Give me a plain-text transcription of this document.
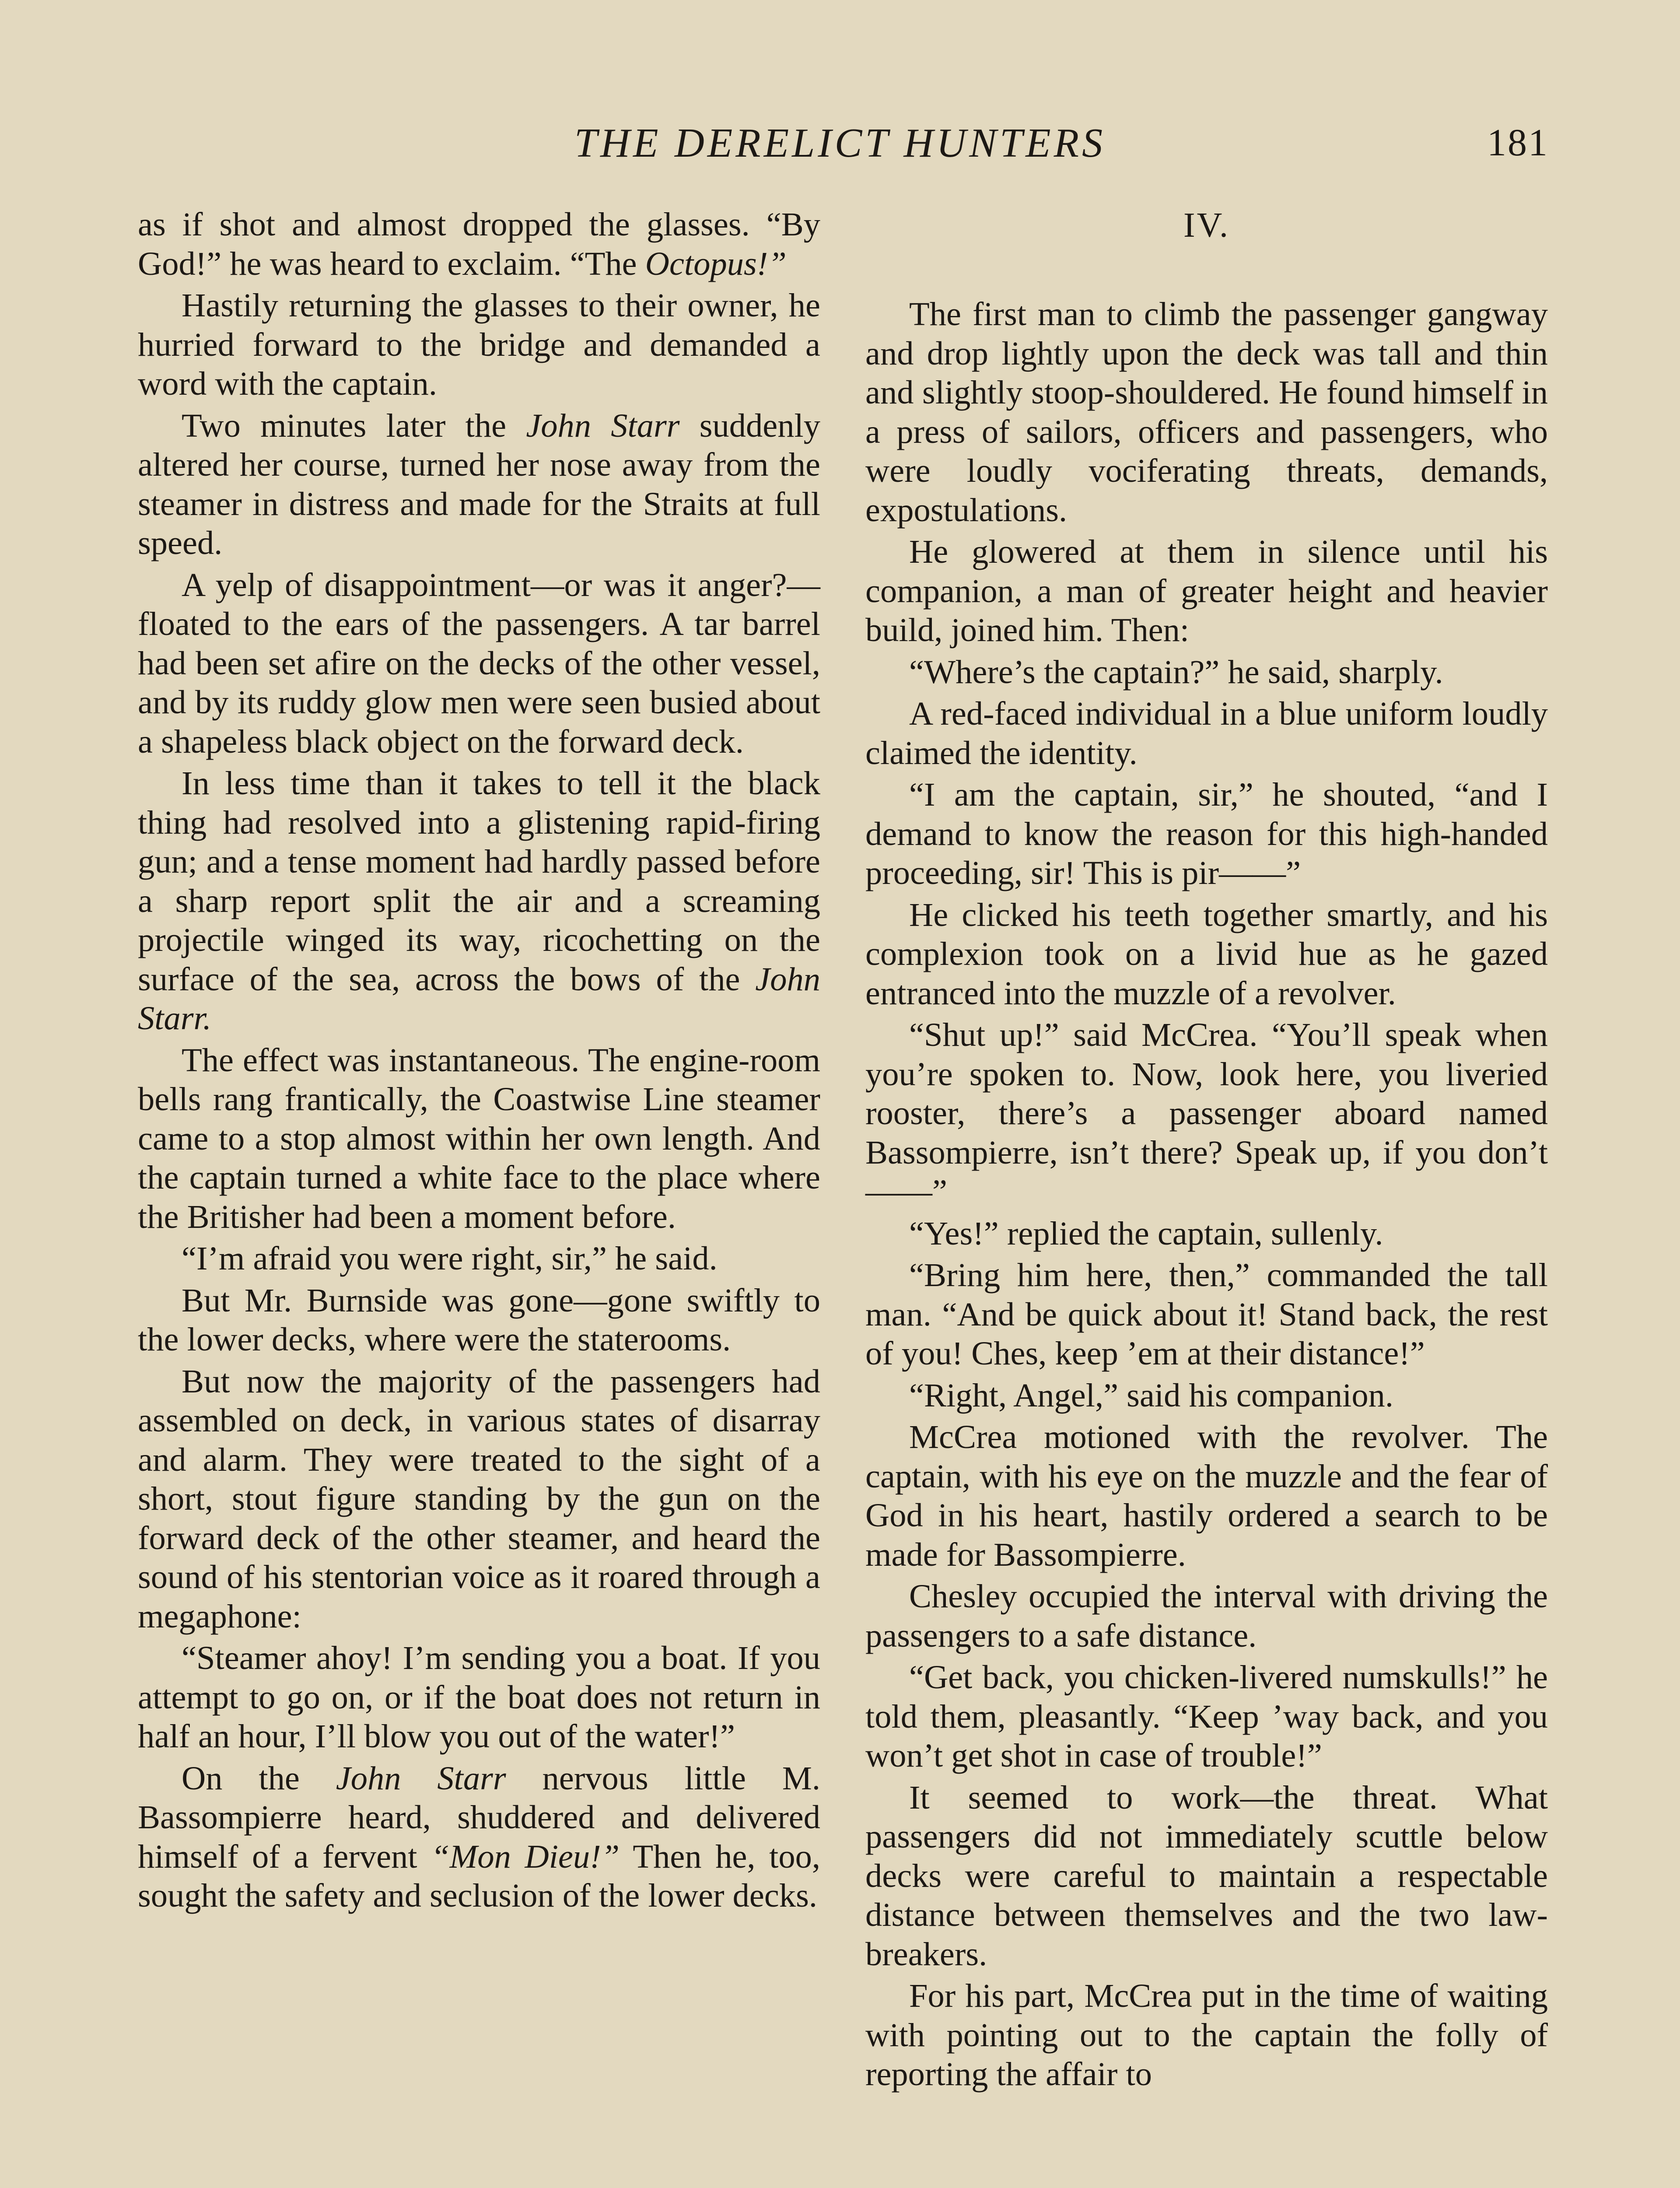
THE DERELICT HUNTERS	181

as if shot and almost dropped the glasses. “By God!” he was heard to exclaim. “The Octopus!”

Hastily returning the glasses to their owner, he hurried forward to the bridge and demanded a word with the captain.

Two minutes later the John Starr suddenly altered her course, turned her nose away from the steamer in distress and made for the Straits at full speed.

A yelp of disappointment—or was it anger?—floated to the ears of the passengers. A tar barrel had been set afire on the decks of the other vessel, and by its ruddy glow men were seen busied about a shapeless black object on the forward deck.

In less time than it takes to tell it the black thing had resolved into a glistening rapid-firing gun; and a tense moment had hardly passed before a sharp report split the air and a screaming projectile winged its way, ricochetting on the surface of the sea, across the bows of the John Starr.

The effect was instantaneous. The engine-room bells rang frantically, the Coastwise Line steamer came to a stop almost within her own length. And the captain turned a white face to the place where the Britisher had been a moment before.

“I’m afraid you were right, sir,” he said.

But Mr. Burnside was gone—gone swiftly to the lower decks, where were the staterooms.

But now the majority of the passengers had assembled on deck, in various states of disarray and alarm. They were treated to the sight of a short, stout figure standing by the gun on the forward deck of the other steamer, and heard the sound of his stentorian voice as it roared through a megaphone:

“Steamer ahoy! I’m sending you a boat. If you attempt to go on, or if the boat does not return in half an hour, I’ll blow you out of the water!”

On the John Starr nervous little M. Bassompierre heard, shuddered and delivered himself of a fervent “Mon Dieu!” Then he, too, sought the safety and seclusion of the lower decks.

IV.

The first man to climb the passenger gangway and drop lightly upon the deck was tall and thin and slightly stoop-shouldered. He found himself in a press of sailors, officers and passengers, who were loudly vociferating threats, demands, expostulations.

He glowered at them in silence until his companion, a man of greater height and heavier build, joined him. Then:

“Where’s the captain?” he said, sharply.

A red-faced individual in a blue uniform loudly claimed the identity.

“I am the captain, sir,” he shouted, “and I demand to know the reason for this high-handed proceeding, sir! This is pir——”

He clicked his teeth together smartly, and his complexion took on a livid hue as he gazed entranced into the muzzle of a revolver.

“Shut up!” said McCrea. “You’ll speak when you’re spoken to. Now, look here, you liveried rooster, there’s a passenger aboard named Bassompierre, isn’t there? Speak up, if you don’t——”

“Yes!” replied the captain, sullenly.

“Bring him here, then,” commanded the tall man. “And be quick about it! Stand back, the rest of you! Ches, keep ’em at their distance!”

“Right, Angel,” said his companion.

McCrea motioned with the revolver. The captain, with his eye on the muzzle and the fear of God in his heart, hastily ordered a search to be made for Bassompierre.

Chesley occupied the interval with driving the passengers to a safe distance.

“Get back, you chicken-livered numskulls!” he told them, pleasantly. “Keep ’way back, and you won’t get shot in case of trouble!”

It seemed to work—the threat. What passengers did not immediately scuttle below decks were careful to maintain a respectable distance between themselves and the two law-breakers.

For his part, McCrea put in the time of waiting with pointing out to the captain the folly of reporting the affair to
